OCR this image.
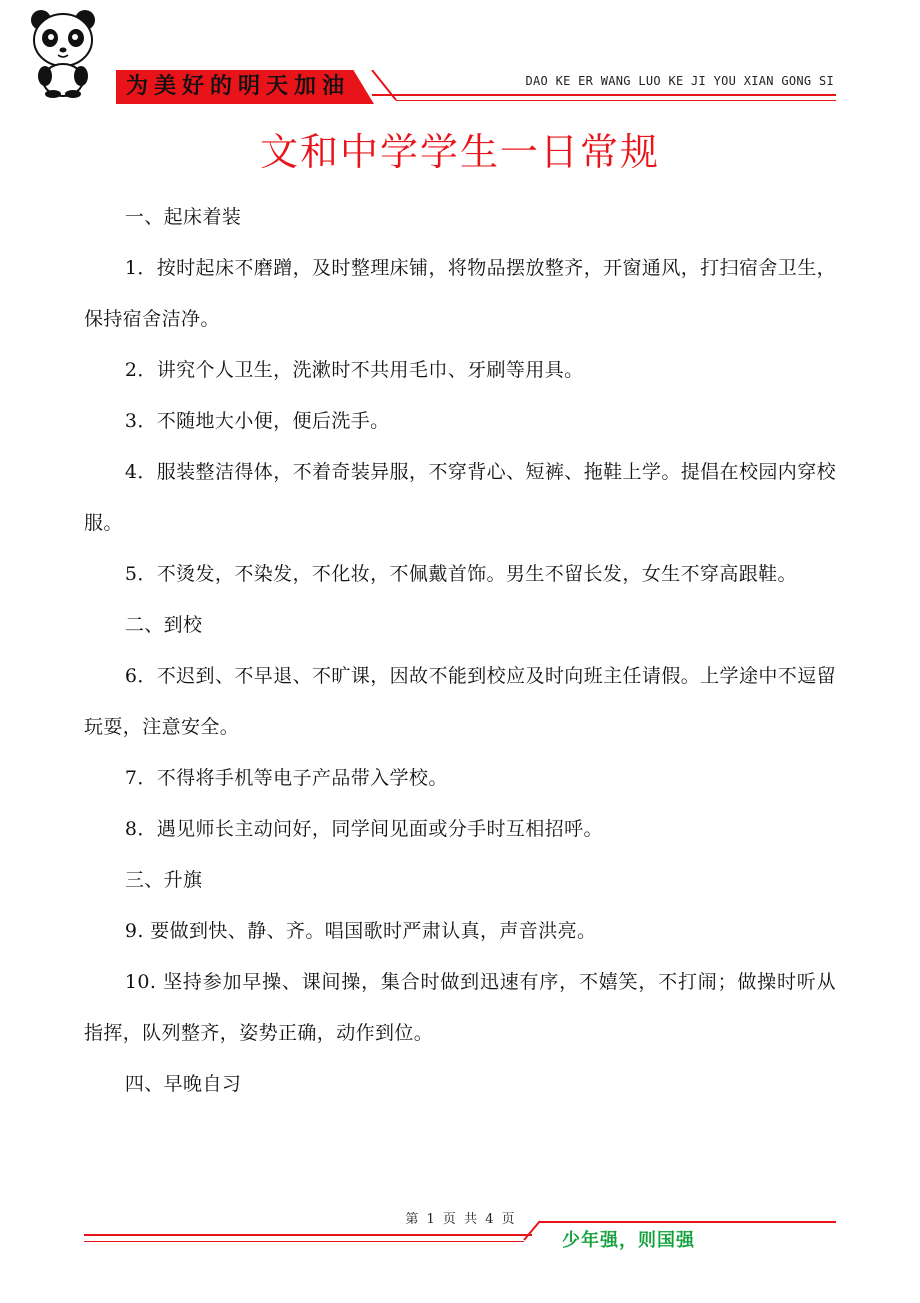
为美好的明天加油	DAO KE ER WANG LUO KE JI YOU XIAN GONG SI
文和中学学生一日常规

一、起床着装

1．按时起床不磨蹭，及时整理床铺，将物品摆放整齐，开窗通风，打扫宿舍卫生，保持宿舍洁净。

2．讲究个人卫生，洗漱时不共用毛巾、牙刷等用具。

3．不随地大小便，便后洗手。

4．服装整洁得体，不着奇装异服，不穿背心、短裤、拖鞋上学。提倡在校园内穿校服。

5．不烫发，不染发，不化妆，不佩戴首饰。男生不留长发，女生不穿高跟鞋。

二、到校

6．不迟到、不早退、不旷课，因故不能到校应及时向班主任请假。上学途中不逗留玩耍，注意安全。

7．不得将手机等电子产品带入学校。

8．遇见师长主动问好，同学间见面或分手时互相招呼。

三、升旗

9. 要做到快、静、齐。唱国歌时严肃认真，声音洪亮。

10. 坚持参加早操、课间操，集合时做到迅速有序，不嬉笑，不打闹；做操时听从指挥，队列整齐，姿势正确，动作到位。

四、早晚自习

第 1 页 共 4 页
少年强，则国强
